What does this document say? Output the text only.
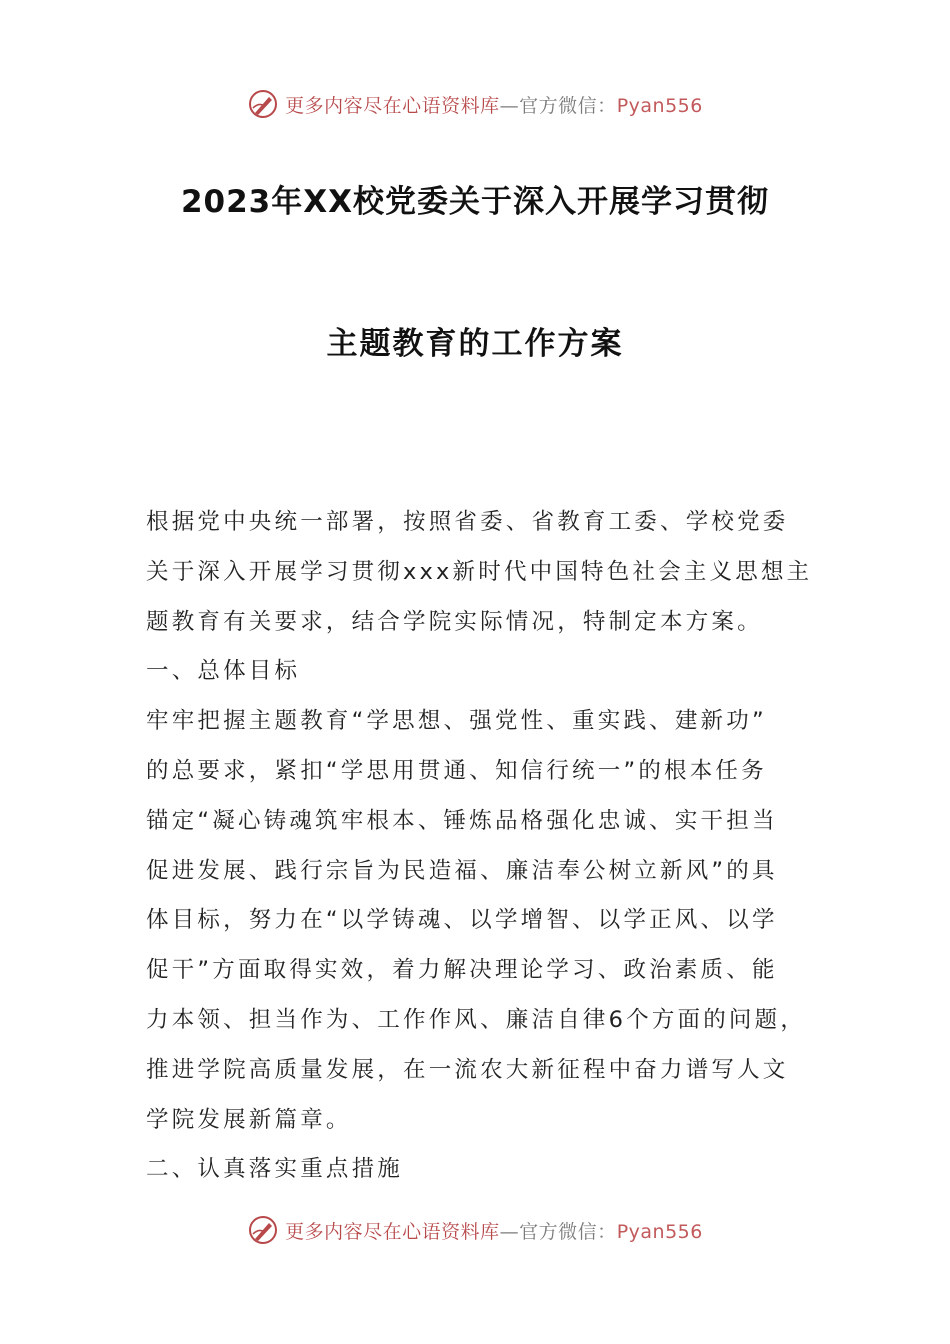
更多内容尽在心语资料库—官方微信：Pyan556
2023年XX校党委关于深入开展学习贯彻
主题教育的工作方案
根据党中央统一部署，按照省委、省教育工委、学校党委
关于深入开展学习贯彻xxx新时代中国特色社会主义思想主
题教育有关要求，结合学院实际情况，特制定本方案。
一、总体目标
牢牢把握主题教育“学思想、强党性、重实践、建新功”
的总要求，紧扣“学思用贯通、知信行统一”的根本任务
锚定“凝心铸魂筑牢根本、锤炼品格强化忠诚、实干担当
促进发展、践行宗旨为民造福、廉洁奉公树立新风”的具
体目标，努力在“以学铸魂、以学增智、以学正风、以学
促干”方面取得实效，着力解决理论学习、政治素质、能
力本领、担当作为、工作作风、廉洁自律6个方面的问题，
推进学院高质量发展，在一流农大新征程中奋力谱写人文
学院发展新篇章。
二、认真落实重点措施
更多内容尽在心语资料库—官方微信：Pyan556
